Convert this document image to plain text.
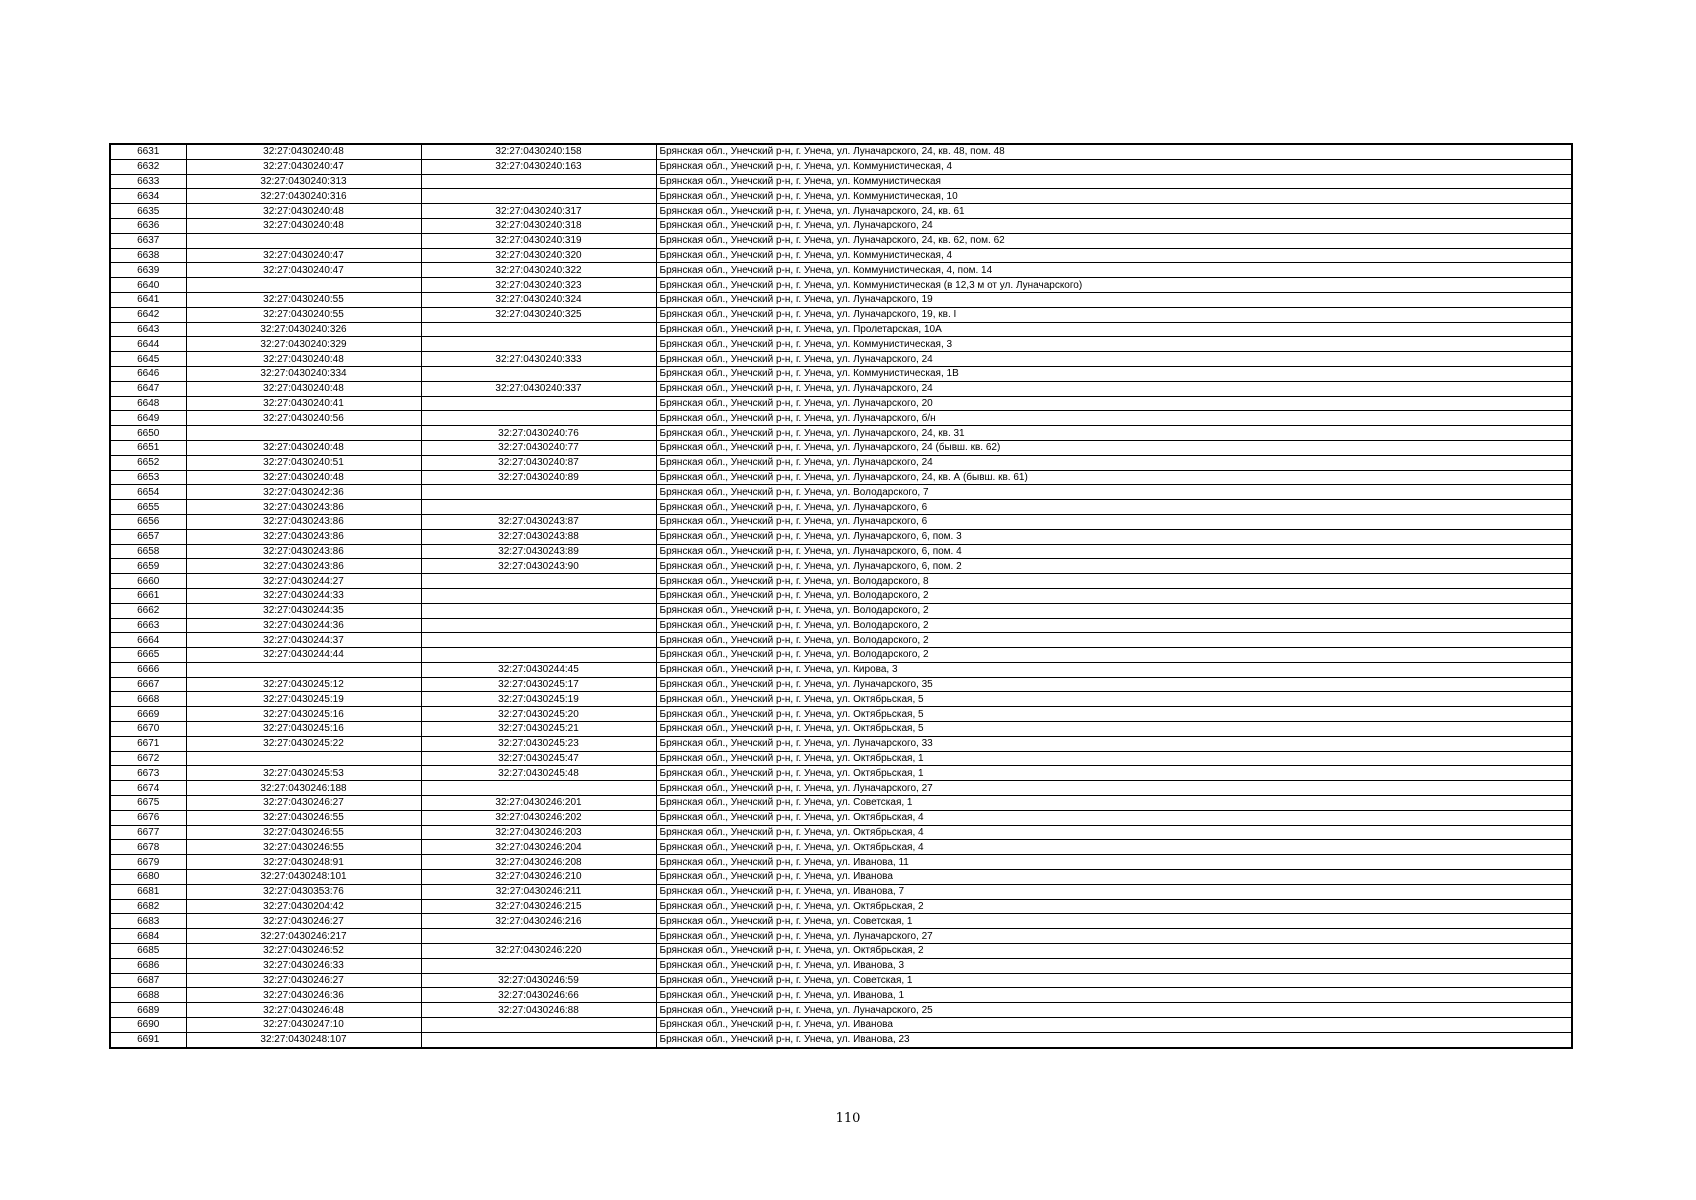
6631	32:27:0430240:48	32:27:0430240:158	Брянская обл., Унечский р-н, г. Унеча, ул. Луначарского, 24, кв. 48, пом. 48
6632	32:27:0430240:47	32:27:0430240:163	Брянская обл., Унечский р-н, г. Унеча, ул. Коммунистическая, 4
6633	32:27:0430240:313		Брянская обл., Унечский р-н, г. Унеча, ул. Коммунистическая
6634	32:27:0430240:316		Брянская обл., Унечский р-н, г. Унеча, ул. Коммунистическая, 10
6635	32:27:0430240:48	32:27:0430240:317	Брянская обл., Унечский р-н, г. Унеча, ул. Луначарского, 24, кв. 61
6636	32:27:0430240:48	32:27:0430240:318	Брянская обл., Унечский р-н, г. Унеча, ул. Луначарского, 24
6637		32:27:0430240:319	Брянская обл., Унечский р-н, г. Унеча, ул. Луначарского, 24, кв. 62, пом. 62
6638	32:27:0430240:47	32:27:0430240:320	Брянская обл., Унечский р-н, г. Унеча, ул. Коммунистическая, 4
6639	32:27:0430240:47	32:27:0430240:322	Брянская обл., Унечский р-н, г. Унеча, ул. Коммунистическая, 4, пом. 14
6640		32:27:0430240:323	Брянская обл., Унечский р-н, г. Унеча, ул. Коммунистическая (в 12,3 м от ул. Луначарского)
6641	32:27:0430240:55	32:27:0430240:324	Брянская обл., Унечский р-н, г. Унеча, ул. Луначарского, 19
6642	32:27:0430240:55	32:27:0430240:325	Брянская обл., Унечский р-н, г. Унеча, ул. Луначарского, 19, кв. I
6643	32:27:0430240:326		Брянская обл., Унечский р-н, г. Унеча, ул. Пролетарская, 10А
6644	32:27:0430240:329		Брянская обл., Унечский р-н, г. Унеча, ул. Коммунистическая, 3
6645	32:27:0430240:48	32:27:0430240:333	Брянская обл., Унечский р-н, г. Унеча, ул. Луначарского, 24
6646	32:27:0430240:334		Брянская обл., Унечский р-н, г. Унеча, ул. Коммунистическая, 1В
6647	32:27:0430240:48	32:27:0430240:337	Брянская обл., Унечский р-н, г. Унеча, ул. Луначарского, 24
6648	32:27:0430240:41		Брянская обл., Унечский р-н, г. Унеча, ул. Луначарского, 20
6649	32:27:0430240:56		Брянская обл., Унечский р-н, г. Унеча, ул. Луначарского, б/н
6650		32:27:0430240:76	Брянская обл., Унечский р-н, г. Унеча, ул. Луначарского, 24, кв. 31
6651	32:27:0430240:48	32:27:0430240:77	Брянская обл., Унечский р-н, г. Унеча, ул. Луначарского, 24 (бывш. кв. 62)
6652	32:27:0430240:51	32:27:0430240:87	Брянская обл., Унечский р-н, г. Унеча, ул. Луначарского, 24
6653	32:27:0430240:48	32:27:0430240:89	Брянская обл., Унечский р-н, г. Унеча, ул. Луначарского, 24, кв. А (бывш. кв. 61)
6654	32:27:0430242:36		Брянская обл., Унечский р-н, г. Унеча, ул. Володарского, 7
6655	32:27:0430243:86		Брянская обл., Унечский р-н, г. Унеча, ул. Луначарского, 6
6656	32:27:0430243:86	32:27:0430243:87	Брянская обл., Унечский р-н, г. Унеча, ул. Луначарского, 6
6657	32:27:0430243:86	32:27:0430243:88	Брянская обл., Унечский р-н, г. Унеча, ул. Луначарского, 6, пом. 3
6658	32:27:0430243:86	32:27:0430243:89	Брянская обл., Унечский р-н, г. Унеча, ул. Луначарского, 6, пом. 4
6659	32:27:0430243:86	32:27:0430243:90	Брянская обл., Унечский р-н, г. Унеча, ул. Луначарского, 6, пом. 2
6660	32:27:0430244:27		Брянская обл., Унечский р-н, г. Унеча, ул. Володарского, 8
6661	32:27:0430244:33		Брянская обл., Унечский р-н, г. Унеча, ул. Володарского, 2
6662	32:27:0430244:35		Брянская обл., Унечский р-н, г. Унеча, ул. Володарского, 2
6663	32:27:0430244:36		Брянская обл., Унечский р-н, г. Унеча, ул. Володарского, 2
6664	32:27:0430244:37		Брянская обл., Унечский р-н, г. Унеча, ул. Володарского, 2
6665	32:27:0430244:44		Брянская обл., Унечский р-н, г. Унеча, ул. Володарского, 2
6666		32:27:0430244:45	Брянская обл., Унечский р-н, г. Унеча, ул. Кирова, 3
6667	32:27:0430245:12	32:27:0430245:17	Брянская обл., Унечский р-н, г. Унеча, ул. Луначарского, 35
6668	32:27:0430245:19	32:27:0430245:19	Брянская обл., Унечский р-н, г. Унеча, ул. Октябрьская, 5
6669	32:27:0430245:16	32:27:0430245:20	Брянская обл., Унечский р-н, г. Унеча, ул. Октябрьская, 5
6670	32:27:0430245:16	32:27:0430245:21	Брянская обл., Унечский р-н, г. Унеча, ул. Октябрьская, 5
6671	32:27:0430245:22	32:27:0430245:23	Брянская обл., Унечский р-н, г. Унеча, ул. Луначарского, 33
6672		32:27:0430245:47	Брянская обл., Унечский р-н, г. Унеча, ул. Октябрьская, 1
6673	32:27:0430245:53	32:27:0430245:48	Брянская обл., Унечский р-н, г. Унеча, ул. Октябрьская, 1
6674	32:27:0430246:188		Брянская обл., Унечский р-н, г. Унеча, ул. Луначарского, 27
6675	32:27:0430246:27	32:27:0430246:201	Брянская обл., Унечский р-н, г. Унеча, ул. Советская, 1
6676	32:27:0430246:55	32:27:0430246:202	Брянская обл., Унечский р-н, г. Унеча, ул. Октябрьская, 4
6677	32:27:0430246:55	32:27:0430246:203	Брянская обл., Унечский р-н, г. Унеча, ул. Октябрьская, 4
6678	32:27:0430246:55	32:27:0430246:204	Брянская обл., Унечский р-н, г. Унеча, ул. Октябрьская, 4
6679	32:27:0430248:91	32:27:0430246:208	Брянская обл., Унечский р-н, г. Унеча, ул. Иванова, 11
6680	32:27:0430248:101	32:27:0430246:210	Брянская обл., Унечский р-н, г. Унеча, ул. Иванова
6681	32:27:0430353:76	32:27:0430246:211	Брянская обл., Унечский р-н, г. Унеча, ул. Иванова, 7
6682	32:27:0430204:42	32:27:0430246:215	Брянская обл., Унечский р-н, г. Унеча, ул. Октябрьская, 2
6683	32:27:0430246:27	32:27:0430246:216	Брянская обл., Унечский р-н, г. Унеча, ул. Советская, 1
6684	32:27:0430246:217		Брянская обл., Унечский р-н, г. Унеча, ул. Луначарского, 27
6685	32:27:0430246:52	32:27:0430246:220	Брянская обл., Унечский р-н, г. Унеча, ул. Октябрьская, 2
6686	32:27:0430246:33		Брянская обл., Унечский р-н, г. Унеча, ул. Иванова, 3
6687	32:27:0430246:27	32:27:0430246:59	Брянская обл., Унечский р-н, г. Унеча, ул. Советская, 1
6688	32:27:0430246:36	32:27:0430246:66	Брянская обл., Унечский р-н, г. Унеча, ул. Иванова, 1
6689	32:27:0430246:48	32:27:0430246:88	Брянская обл., Унечский р-н, г. Унеча, ул. Луначарского, 25
6690	32:27:0430247:10		Брянская обл., Унечский р-н, г. Унеча, ул. Иванова
6691	32:27:0430248:107		Брянская обл., Унечский р-н, г. Унеча, ул. Иванова, 23
110
